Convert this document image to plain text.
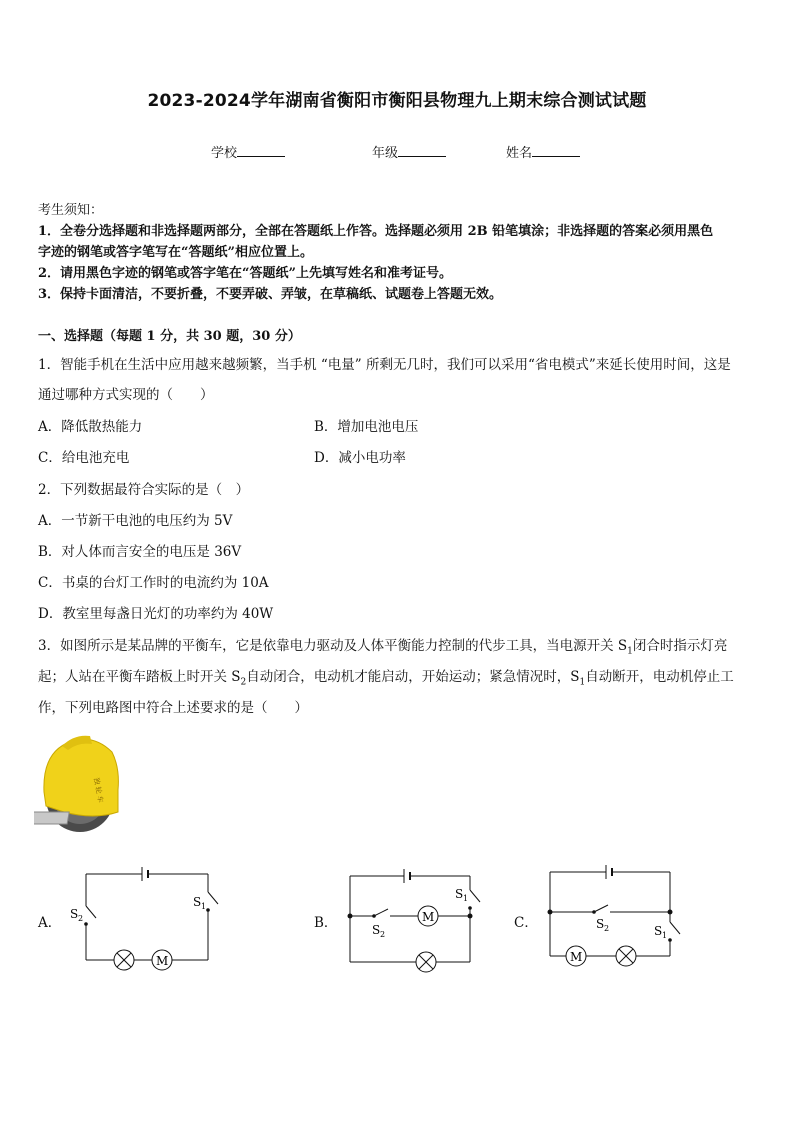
2023-2024学年湖南省衡阳市衡阳县物理九上期末综合测试试题
学校	年级	姓名
考生须知：
1．全卷分选择题和非选择题两部分，全部在答题纸上作答。选择题必须用 2B 铅笔填涂；非选择题的答案必须用黑色
字迹的钢笔或答字笔写在“答题纸”相应位置上。
2．请用黑色字迹的钢笔或答字笔在“答题纸”上先填写姓名和准考证号。
3．保持卡面清洁，不要折叠，不要弄破、弄皱，在草稿纸、试题卷上答题无效。
一、选择题（每题 1 分，共 30 题，30 分）
1．智能手机在生活中应用越来越频繁，当手机 “电量” 所剩无几时，我们可以采用“省电模式”来延长使用时间，这是
通过哪种方式实现的（　　）
A．降低散热能力	B．增加电池电压
C．给电池充电	D．减小电功率
2．下列数据最符合实际的是（　）
A．一节新干电池的电压约为 5V
B．对人体而言安全的电压是 36V
C．书桌的台灯工作时的电流约为 10A
D．教室里每盏日光灯的功率约为 40W
3．如图所示是某品牌的平衡车，它是依靠电力驱动及人体平衡能力控制的代步工具，当电源开关 $S_1$闭合时指示灯亮
起；人站在平衡车踏板上时开关 $S_2$自动闭合，电动机才能启动，开始运动；紧急情况时，$S_1$自动断开，电动机停止工
作，下列电路图中符合上述要求的是（　　）
独 轮 车
A．
M
S 2
S 1
B．	M
S 2
S 1
C．
M
S 2	S 1
